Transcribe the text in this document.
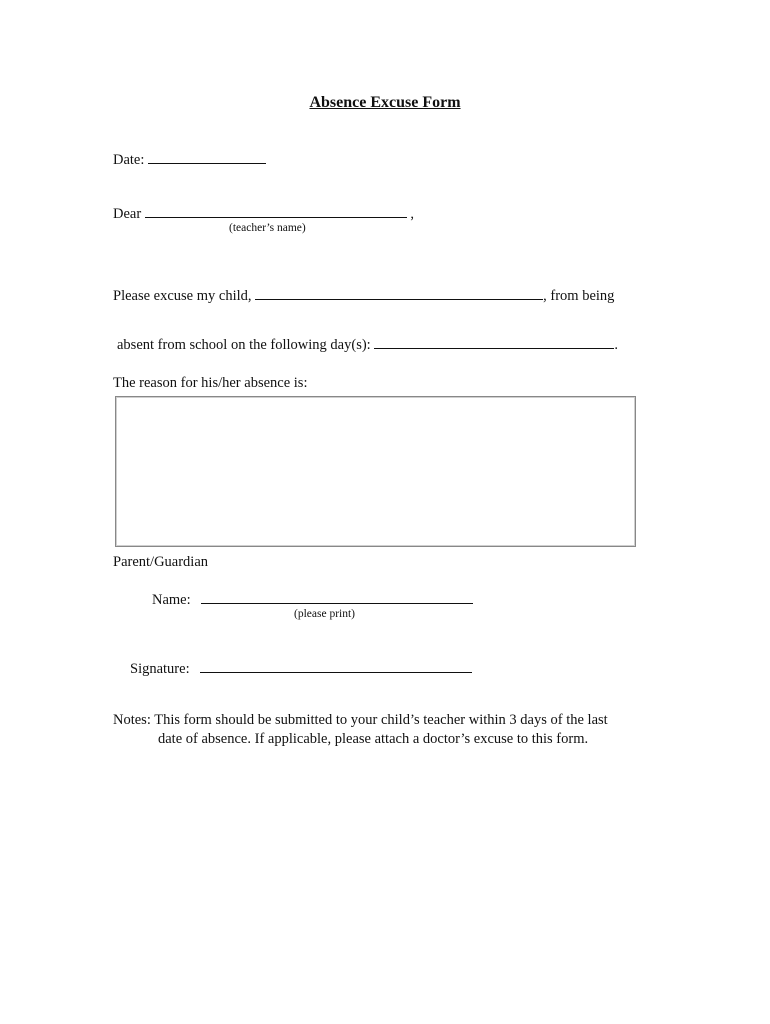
Absence Excuse Form
Date:
Dear	,
(teacher’s name)
Please excuse my child,	, from being
absent from school on the following day(s):	.
The reason for his/her absence is:
Parent/Guardian
Name:
(please print)
Signature:
Notes: This form should be submitted to your child’s teacher within 3 days of the last
date of absence. If applicable, please attach a doctor’s excuse to this form.
